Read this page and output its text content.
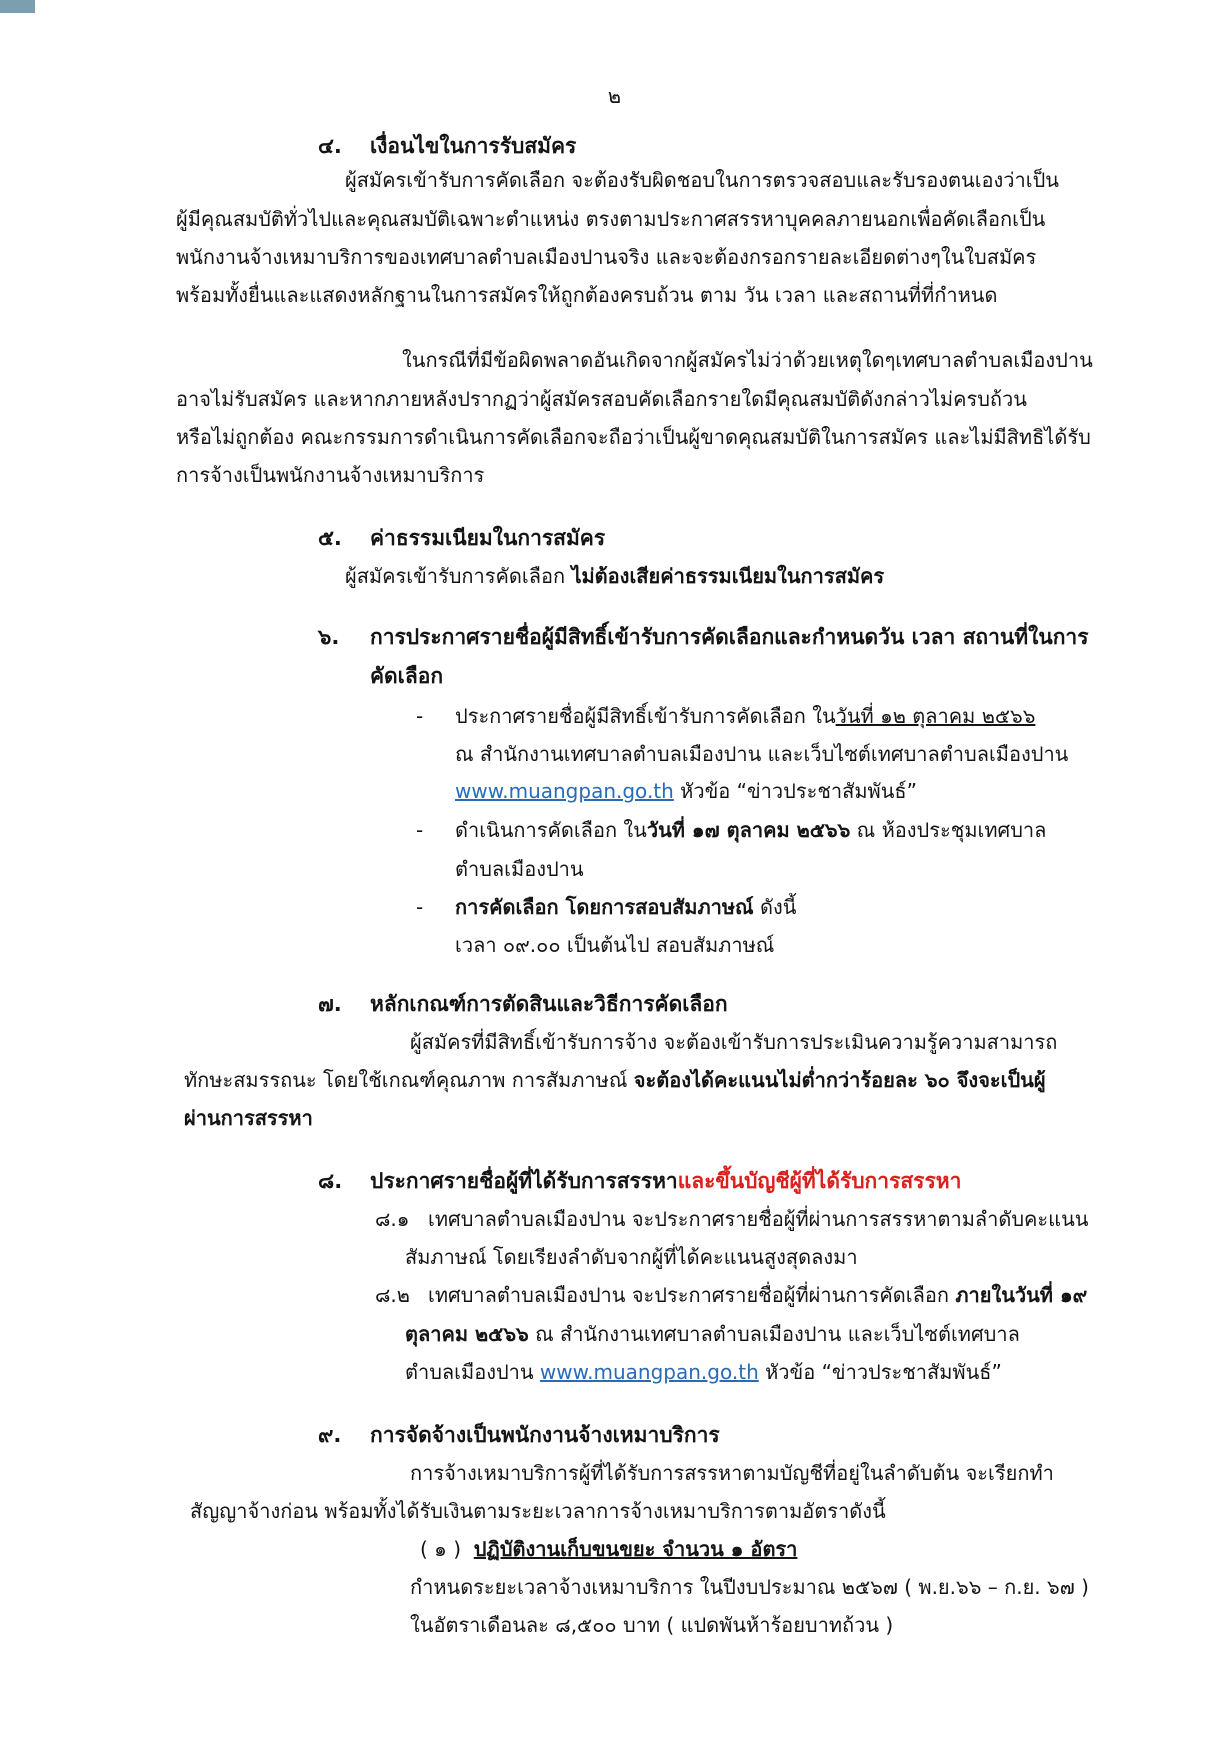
๒
๔. เงื่อนไขในการรับสมัคร
ผู้สมัครเข้ารับการคัดเลือก จะต้องรับผิดชอบในการตรวจสอบและรับรองตนเองว่าเป็น
ผู้มีคุณสมบัติทั่วไปและคุณสมบัติเฉพาะตำแหน่ง ตรงตามประกาศสรรหาบุคคลภายนอกเพื่อคัดเลือกเป็น
พนักงานจ้างเหมาบริการของเทศบาลตำบลเมืองปานจริง และจะต้องกรอกรายละเอียดต่างๆในใบสมัคร
พร้อมทั้งยื่นและแสดงหลักฐานในการสมัครให้ถูกต้องครบถ้วน ตาม วัน เวลา และสถานที่ที่กำหนด
ในกรณีที่มีข้อผิดพลาดอันเกิดจากผู้สมัครไม่ว่าด้วยเหตุใดๆเทศบาลตำบลเมืองปาน
อาจไม่รับสมัคร และหากภายหลังปรากฏว่าผู้สมัครสอบคัดเลือกรายใดมีคุณสมบัติดังกล่าวไม่ครบถ้วน
หรือไม่ถูกต้อง คณะกรรมการดำเนินการคัดเลือกจะถือว่าเป็นผู้ขาดคุณสมบัติในการสมัคร และไม่มีสิทธิได้รับ
การจ้างเป็นพนักงานจ้างเหมาบริการ
๕. ค่าธรรมเนียมในการสมัคร
ผู้สมัครเข้ารับการคัดเลือก ไม่ต้องเสียค่าธรรมเนียมในการสมัคร
๖. การประกาศรายชื่อผู้มีสิทธิ์เข้ารับการคัดเลือกและกำหนดวัน เวลา สถานที่ในการ
คัดเลือก
- ประกาศรายชื่อผู้มีสิทธิ์เข้ารับการคัดเลือก ในวันที่ ๑๒ ตุลาคม ๒๕๖๖
ณ สำนักงานเทศบาลตำบลเมืองปาน และเว็บไซต์เทศบาลตำบลเมืองปาน
www.muangpan.go.th หัวข้อ “ข่าวประชาสัมพันธ์”
- ดำเนินการคัดเลือก ในวันที่ ๑๗ ตุลาคม ๒๕๖๖ ณ ห้องประชุมเทศบาล
ตำบลเมืองปาน
- การคัดเลือก โดยการสอบสัมภาษณ์ ดังนี้
เวลา ๐๙.๐๐ เป็นต้นไป สอบสัมภาษณ์
๗. หลักเกณฑ์การตัดสินและวิธีการคัดเลือก
ผู้สมัครที่มีสิทธิ์เข้ารับการจ้าง จะต้องเข้ารับการประเมินความรู้ความสามารถ
ทักษะสมรรถนะ โดยใช้เกณฑ์คุณภาพ การสัมภาษณ์ จะต้องได้คะแนนไม่ต่ำกว่าร้อยละ ๖๐ จึงจะเป็นผู้
ผ่านการสรรหา
๘. ประกาศรายชื่อผู้ที่ได้รับการสรรหาและขึ้นบัญชีผู้ที่ได้รับการสรรหา
๘.๑ เทศบาลตำบลเมืองปาน จะประกาศรายชื่อผู้ที่ผ่านการสรรหาตามลำดับคะแนน
สัมภาษณ์ โดยเรียงลำดับจากผู้ที่ได้คะแนนสูงสุดลงมา
๘.๒ เทศบาลตำบลเมืองปาน จะประกาศรายชื่อผู้ที่ผ่านการคัดเลือก ภายในวันที่ ๑๙
ตุลาคม ๒๕๖๖ ณ สำนักงานเทศบาลตำบลเมืองปาน และเว็บไซต์เทศบาล
ตำบลเมืองปาน www.muangpan.go.th หัวข้อ “ข่าวประชาสัมพันธ์”
๙. การจัดจ้างเป็นพนักงานจ้างเหมาบริการ
การจ้างเหมาบริการผู้ที่ได้รับการสรรหาตามบัญชีที่อยู่ในลำดับต้น จะเรียกทำ
สัญญาจ้างก่อน พร้อมทั้งได้รับเงินตามระยะเวลาการจ้างเหมาบริการตามอัตราดังนี้
( ๑ ) ปฏิบัติงานเก็บขนขยะ จำนวน ๑ อัตรา
กำหนดระยะเวลาจ้างเหมาบริการ ในปีงบประมาณ ๒๕๖๗ ( พ.ย.๖๖ – ก.ย. ๖๗ )
ในอัตราเดือนละ ๘,๕๐๐ บาท ( แปดพันห้าร้อยบาทถ้วน )
